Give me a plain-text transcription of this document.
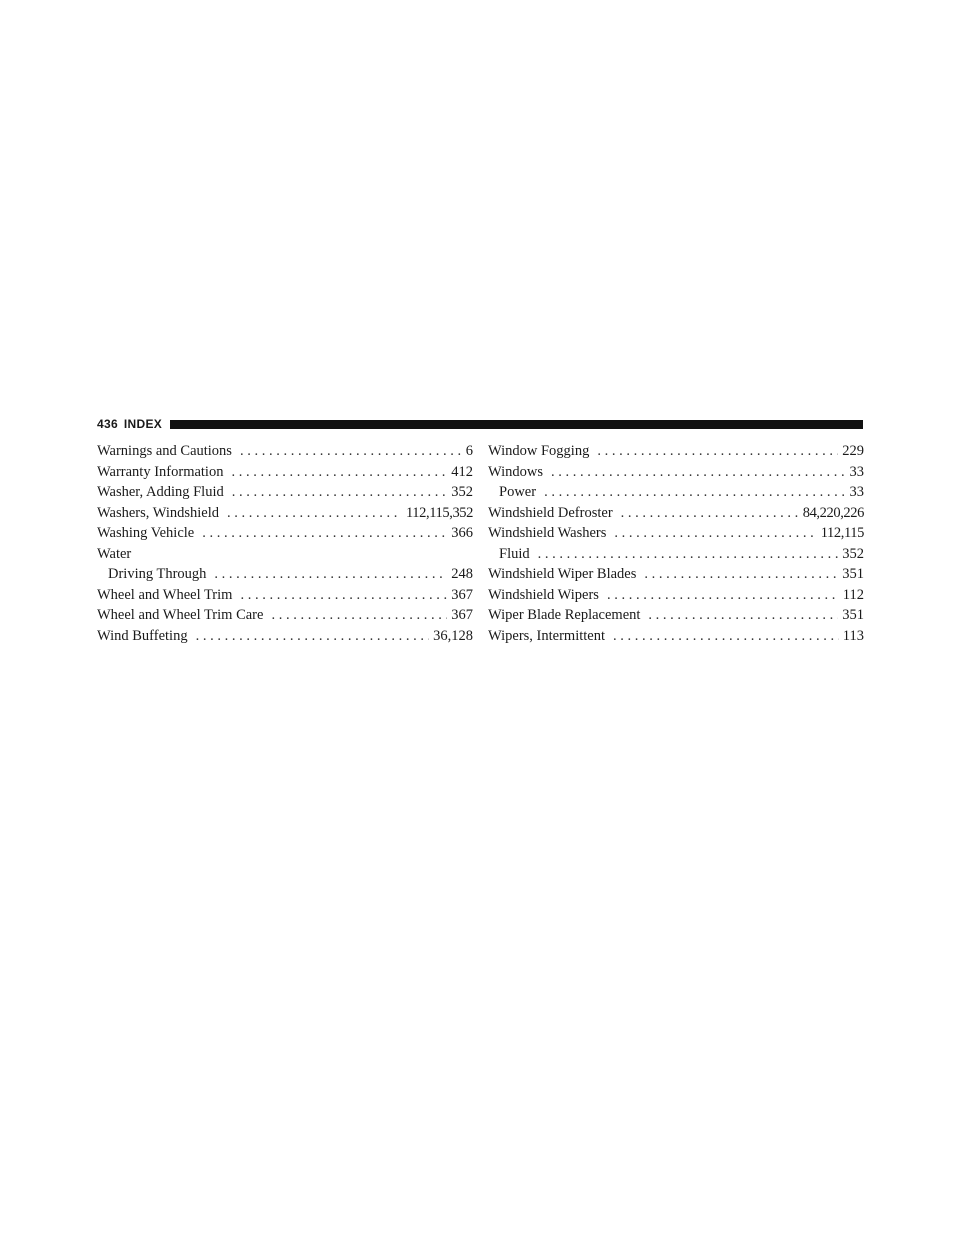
436 INDEX
Warnings and Cautions . . .	6
Warranty Information . . .	412
Washer, Adding Fluid . . .	352
Washers, Windshield . . .	112,115,352
Washing Vehicle . . .	366
Water
Driving Through . . .	248
Wheel and Wheel Trim . . .	367
Wheel and Wheel Trim Care . . .	367
Wind Buffeting . . .	36,128
Window Fogging . . .	229
Windows . . .	33
Power . . .	33
Windshield Defroster . . .	84,220,226
Windshield Washers . . .	112,115
Fluid . . .	352
Windshield Wiper Blades . . .	351
Windshield Wipers . . .	112
Wiper Blade Replacement . . .	351
Wipers, Intermittent . . .	113
